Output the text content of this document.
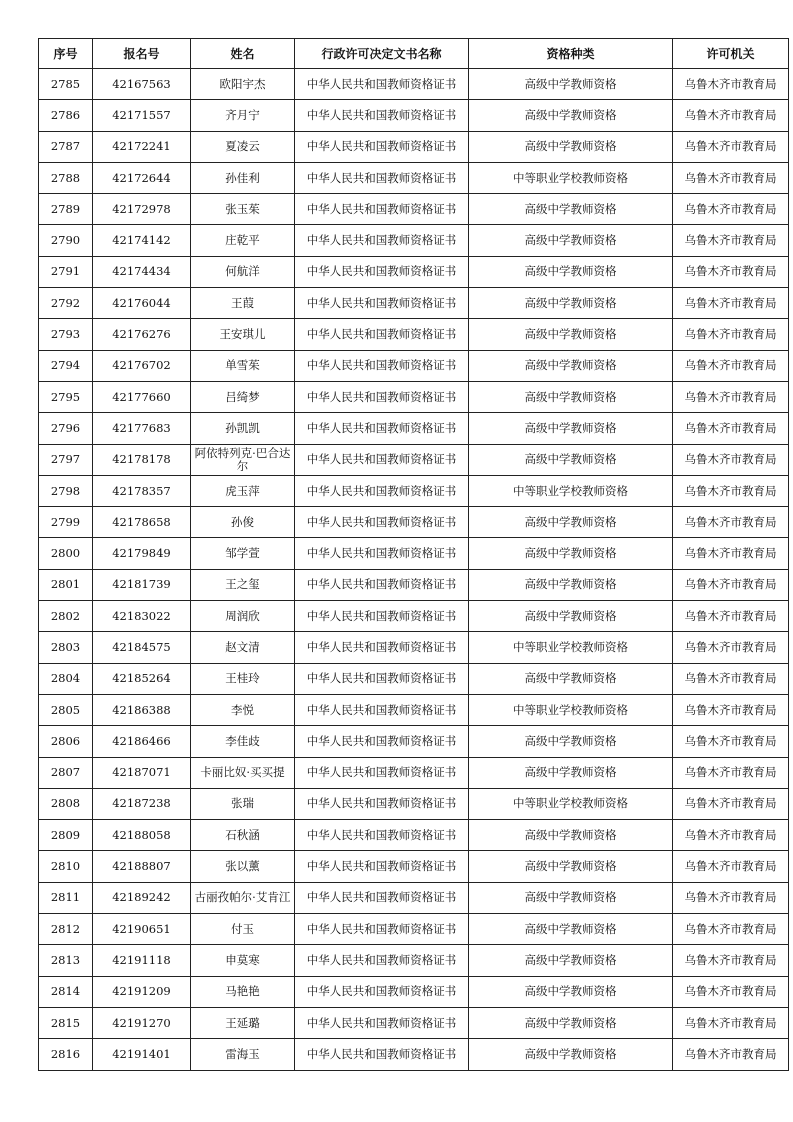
序号	报名号	姓名	行政许可决定文书名称	资格种类	许可机关
2785	42167563	欧阳宇杰	中华人民共和国教师资格证书	高级中学教师资格	乌鲁木齐市教育局
2786	42171557	齐月宁	中华人民共和国教师资格证书	高级中学教师资格	乌鲁木齐市教育局
2787	42172241	夏凌云	中华人民共和国教师资格证书	高级中学教师资格	乌鲁木齐市教育局
2788	42172644	孙佳利	中华人民共和国教师资格证书	中等职业学校教师资格	乌鲁木齐市教育局
2789	42172978	张玉茱	中华人民共和国教师资格证书	高级中学教师资格	乌鲁木齐市教育局
2790	42174142	庄乾平	中华人民共和国教师资格证书	高级中学教师资格	乌鲁木齐市教育局
2791	42174434	何航洋	中华人民共和国教师资格证书	高级中学教师资格	乌鲁木齐市教育局
2792	42176044	王葭	中华人民共和国教师资格证书	高级中学教师资格	乌鲁木齐市教育局
2793	42176276	王安琪儿	中华人民共和国教师资格证书	高级中学教师资格	乌鲁木齐市教育局
2794	42176702	单雪茱	中华人民共和国教师资格证书	高级中学教师资格	乌鲁木齐市教育局
2795	42177660	吕绮梦	中华人民共和国教师资格证书	高级中学教师资格	乌鲁木齐市教育局
2796	42177683	孙凯凯	中华人民共和国教师资格证书	高级中学教师资格	乌鲁木齐市教育局
2797	42178178	阿依特列克·巴合达尔	中华人民共和国教师资格证书	高级中学教师资格	乌鲁木齐市教育局
2798	42178357	虎玉萍	中华人民共和国教师资格证书	中等职业学校教师资格	乌鲁木齐市教育局
2799	42178658	孙俊	中华人民共和国教师资格证书	高级中学教师资格	乌鲁木齐市教育局
2800	42179849	邹学萱	中华人民共和国教师资格证书	高级中学教师资格	乌鲁木齐市教育局
2801	42181739	王之玺	中华人民共和国教师资格证书	高级中学教师资格	乌鲁木齐市教育局
2802	42183022	周润欣	中华人民共和国教师资格证书	高级中学教师资格	乌鲁木齐市教育局
2803	42184575	赵文清	中华人民共和国教师资格证书	中等职业学校教师资格	乌鲁木齐市教育局
2804	42185264	王桂玲	中华人民共和国教师资格证书	高级中学教师资格	乌鲁木齐市教育局
2805	42186388	李悦	中华人民共和国教师资格证书	中等职业学校教师资格	乌鲁木齐市教育局
2806	42186466	李佳歧	中华人民共和国教师资格证书	高级中学教师资格	乌鲁木齐市教育局
2807	42187071	卡丽比奴·买买提	中华人民共和国教师资格证书	高级中学教师资格	乌鲁木齐市教育局
2808	42187238	张瑞	中华人民共和国教师资格证书	中等职业学校教师资格	乌鲁木齐市教育局
2809	42188058	石秋涵	中华人民共和国教师资格证书	高级中学教师资格	乌鲁木齐市教育局
2810	42188807	张以薰	中华人民共和国教师资格证书	高级中学教师资格	乌鲁木齐市教育局
2811	42189242	古丽孜帕尔·艾肯江	中华人民共和国教师资格证书	高级中学教师资格	乌鲁木齐市教育局
2812	42190651	付玉	中华人民共和国教师资格证书	高级中学教师资格	乌鲁木齐市教育局
2813	42191118	申莫寒	中华人民共和国教师资格证书	高级中学教师资格	乌鲁木齐市教育局
2814	42191209	马艳艳	中华人民共和国教师资格证书	高级中学教师资格	乌鲁木齐市教育局
2815	42191270	王延璐	中华人民共和国教师资格证书	高级中学教师资格	乌鲁木齐市教育局
2816	42191401	雷海玉	中华人民共和国教师资格证书	高级中学教师资格	乌鲁木齐市教育局
